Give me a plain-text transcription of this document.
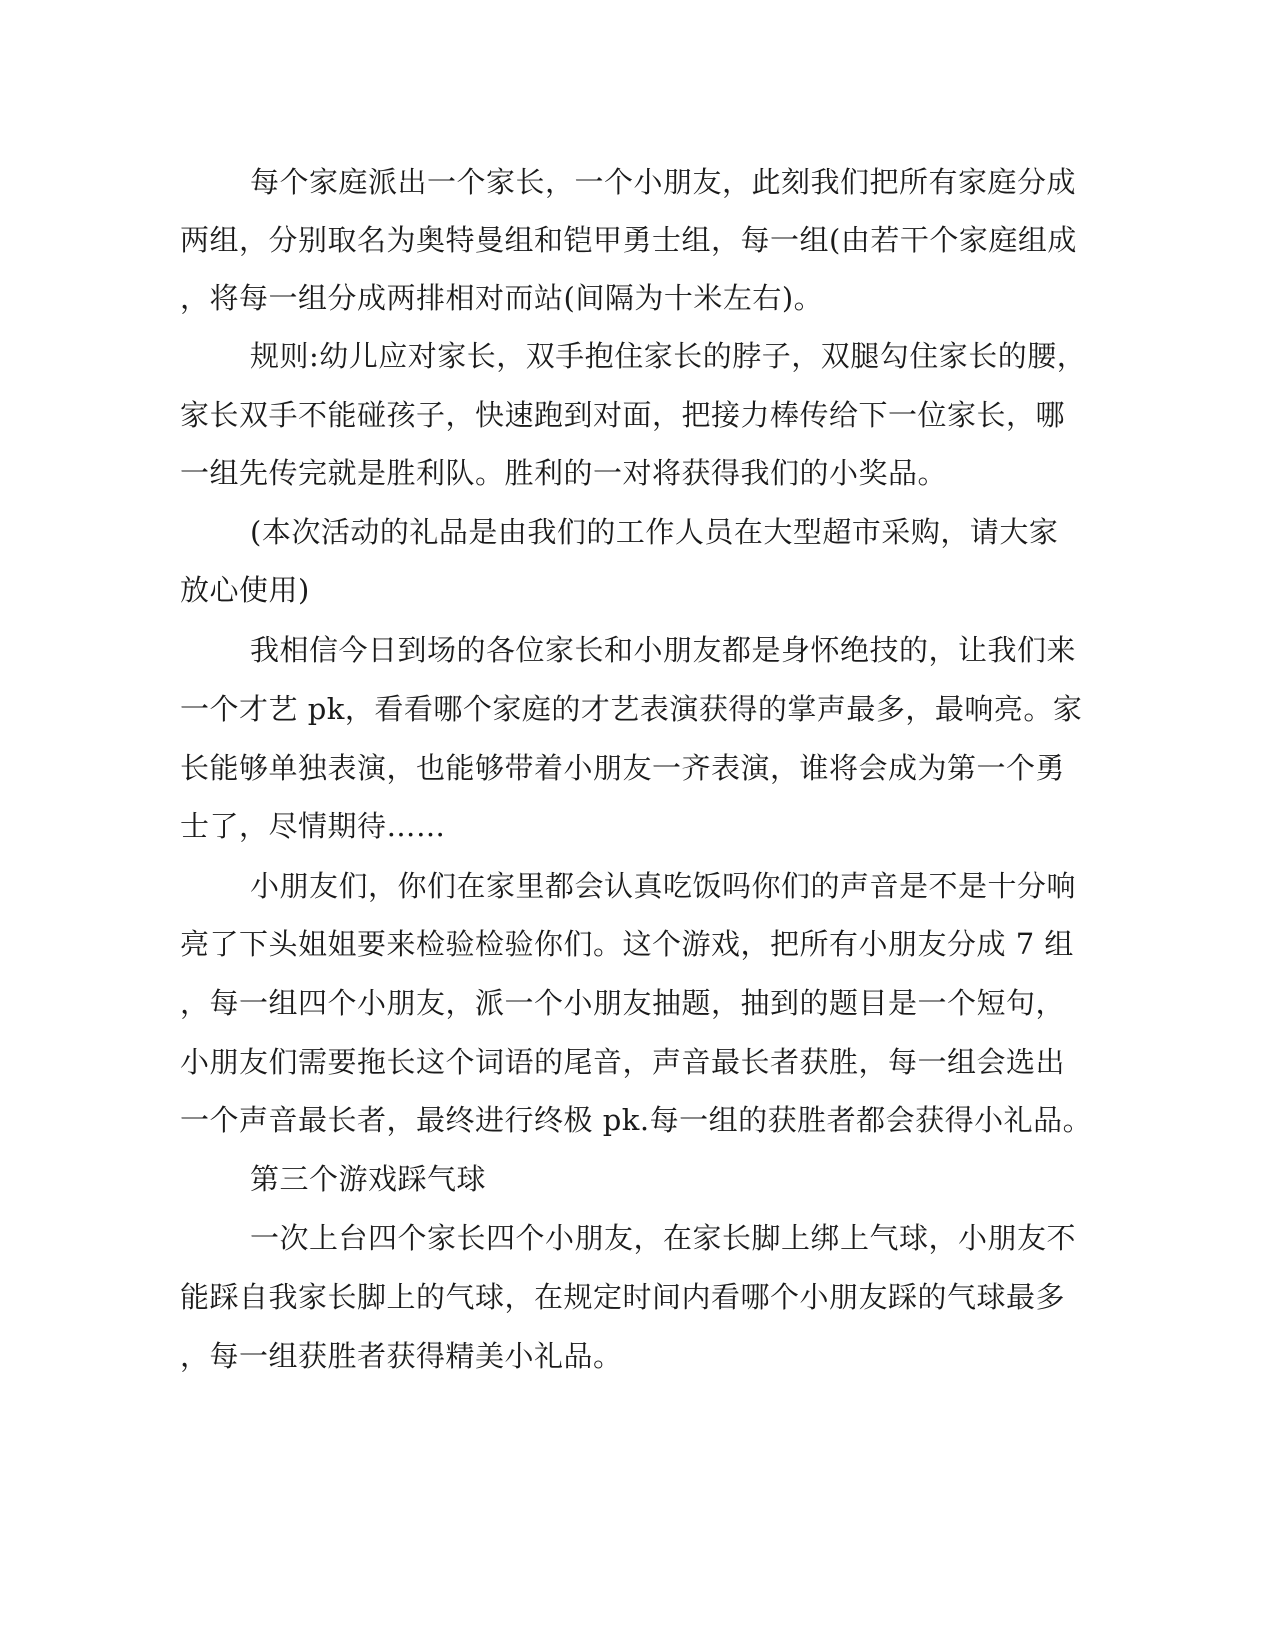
每个家庭派出一个家长，一个小朋友，此刻我们把所有家庭分成

两组，分别取名为奥特曼组和铠甲勇士组，每一组(由若干个家庭组成

，将每一组分成两排相对而站(间隔为十米左右)。

规则:幼儿应对家长，双手抱住家长的脖子，双腿勾住家长的腰，

家长双手不能碰孩子，快速跑到对面，把接力棒传给下一位家长，哪

一组先传完就是胜利队。胜利的一对将获得我们的小奖品。

(本次活动的礼品是由我们的工作人员在大型超市采购，请大家

放心使用)

我相信今日到场的各位家长和小朋友都是身怀绝技的，让我们来

一个才艺 pk，看看哪个家庭的才艺表演获得的掌声最多，最响亮。家

长能够单独表演，也能够带着小朋友一齐表演，谁将会成为第一个勇

士了，尽情期待……

小朋友们，你们在家里都会认真吃饭吗你们的声音是不是十分响

亮了下头姐姐要来检验检验你们。这个游戏，把所有小朋友分成 7 组

，每一组四个小朋友，派一个小朋友抽题，抽到的题目是一个短句，

小朋友们需要拖长这个词语的尾音，声音最长者获胜，每一组会选出

一个声音最长者，最终进行终极 pk.每一组的获胜者都会获得小礼品。

第三个游戏踩气球

一次上台四个家长四个小朋友，在家长脚上绑上气球，小朋友不

能踩自我家长脚上的气球，在规定时间内看哪个小朋友踩的气球最多

，每一组获胜者获得精美小礼品。
